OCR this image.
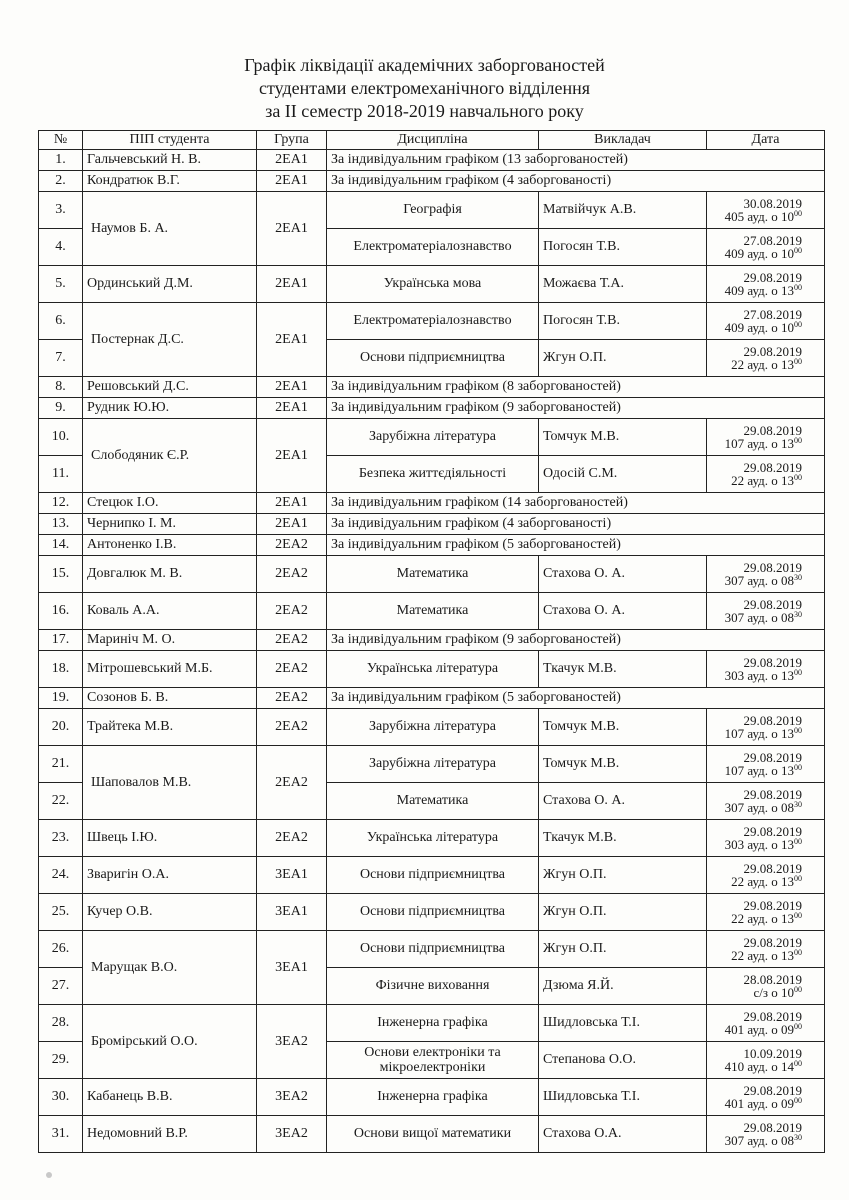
Графік ліквідації академічних заборгованостей
студентами електромеханічного відділення
за II семестр 2018-2019 навчального року
№	ПІП студента	Група	Дисципліна	Викладач	Дата
1.	Гальчевський Н. В.	2ЕА1	За індивідуальним графіком (13 заборгованостей)		
2.	Кондратюк В.Г.	2ЕА1	За індивідуальним графіком (4 заборгованості)		
3.	Наумов Б. А.	2ЕА1	Географія	Матвійчук А.В.	30.08.2019
405 ауд. о $10^{00}$
4.			Електроматеріалознавство	Погосян Т.В.	27.08.2019
409 ауд. о $10^{00}$
5.	Ординський Д.М.	2ЕА1	Українська мова	Можаєва Т.А.	29.08.2019
409 ауд. о $13^{00}$
6.	Постернак Д.С.	2ЕА1	Електроматеріалознавство	Погосян Т.В.	27.08.2019
409 ауд. о $10^{00}$
7.			Основи підприємництва	Жгун О.П.	29.08.2019
22 ауд. о $13^{00}$
8.	Решовський Д.С.	2ЕА1	За індивідуальним графіком (8 заборгованостей)		
9.	Рудник Ю.Ю.	2ЕА1	За індивідуальним графіком (9 заборгованостей)		
10.	Слободяник Є.Р.	2ЕА1	Зарубіжна література	Томчук М.В.	29.08.2019
107 ауд. о $13^{00}$
11.			Безпека життєдіяльності	Одосій С.М.	29.08.2019
22 ауд. о $13^{00}$
12.	Стецюк І.О.	2ЕА1	За індивідуальним графіком (14 заборгованостей)		
13.	Чернипко І. М.	2ЕА1	За індивідуальним графіком (4 заборгованості)		
14.	Антоненко І.В.	2ЕА2	За індивідуальним графіком (5 заборгованостей)		
15.	Довгалюк М. В.	2ЕА2	Математика	Стахова О. А.	29.08.2019
307 ауд. о $08^{30}$
16.	Коваль А.А.	2ЕА2	Математика	Стахова О. А.	29.08.2019
307 ауд. о $08^{30}$
17.	Мариніч М. О.	2ЕА2	За індивідуальним графіком (9 заборгованостей)		
18.	Мітрошевський М.Б.	2ЕА2	Українська література	Ткачук М.В.	29.08.2019
303 ауд. о $13^{00}$
19.	Созонов Б. В.	2ЕА2	За індивідуальним графіком (5 заборгованостей)		
20.	Трайтека М.В.	2ЕА2	Зарубіжна література	Томчук М.В.	29.08.2019
107 ауд. о $13^{00}$
21.	Шаповалов М.В.	2ЕА2	Зарубіжна література	Томчук М.В.	29.08.2019
107 ауд. о $13^{00}$
22.			Математика	Стахова О. А.	29.08.2019
307 ауд. о $08^{30}$
23.	Швець І.Ю.	2ЕА2	Українська література	Ткачук М.В.	29.08.2019
303 ауд. о $13^{00}$
24.	Зваригін О.А.	3ЕА1	Основи підприємництва	Жгун О.П.	29.08.2019
22 ауд. о $13^{00}$
25.	Кучер О.В.	3ЕА1	Основи підприємництва	Жгун О.П.	29.08.2019
22 ауд. о $13^{00}$
26.	Марущак В.О.	3ЕА1	Основи підприємництва	Жгун О.П.	29.08.2019
22 ауд. о $13^{00}$
27.			Фізичне виховання	Дзюма Я.Й.	28.08.2019
с/з о $10^{00}$
28.	Бромірський О.О.	3ЕА2	Інженерна графіка	Шидловська Т.І.	29.08.2019
401 ауд. о $09^{00}$
29.			Основи електроніки та
мікроелектроніки	Степанова О.О.	10.09.2019
410 ауд. о $14^{00}$
30.	Кабанець В.В.	3ЕА2	Інженерна графіка	Шидловська Т.І.	29.08.2019
401 ауд. о $09^{00}$
31.	Недомовний В.Р.	3ЕА2	Основи вищої математики	Стахова О.А.	29.08.2019
307 ауд. о $08^{30}$
